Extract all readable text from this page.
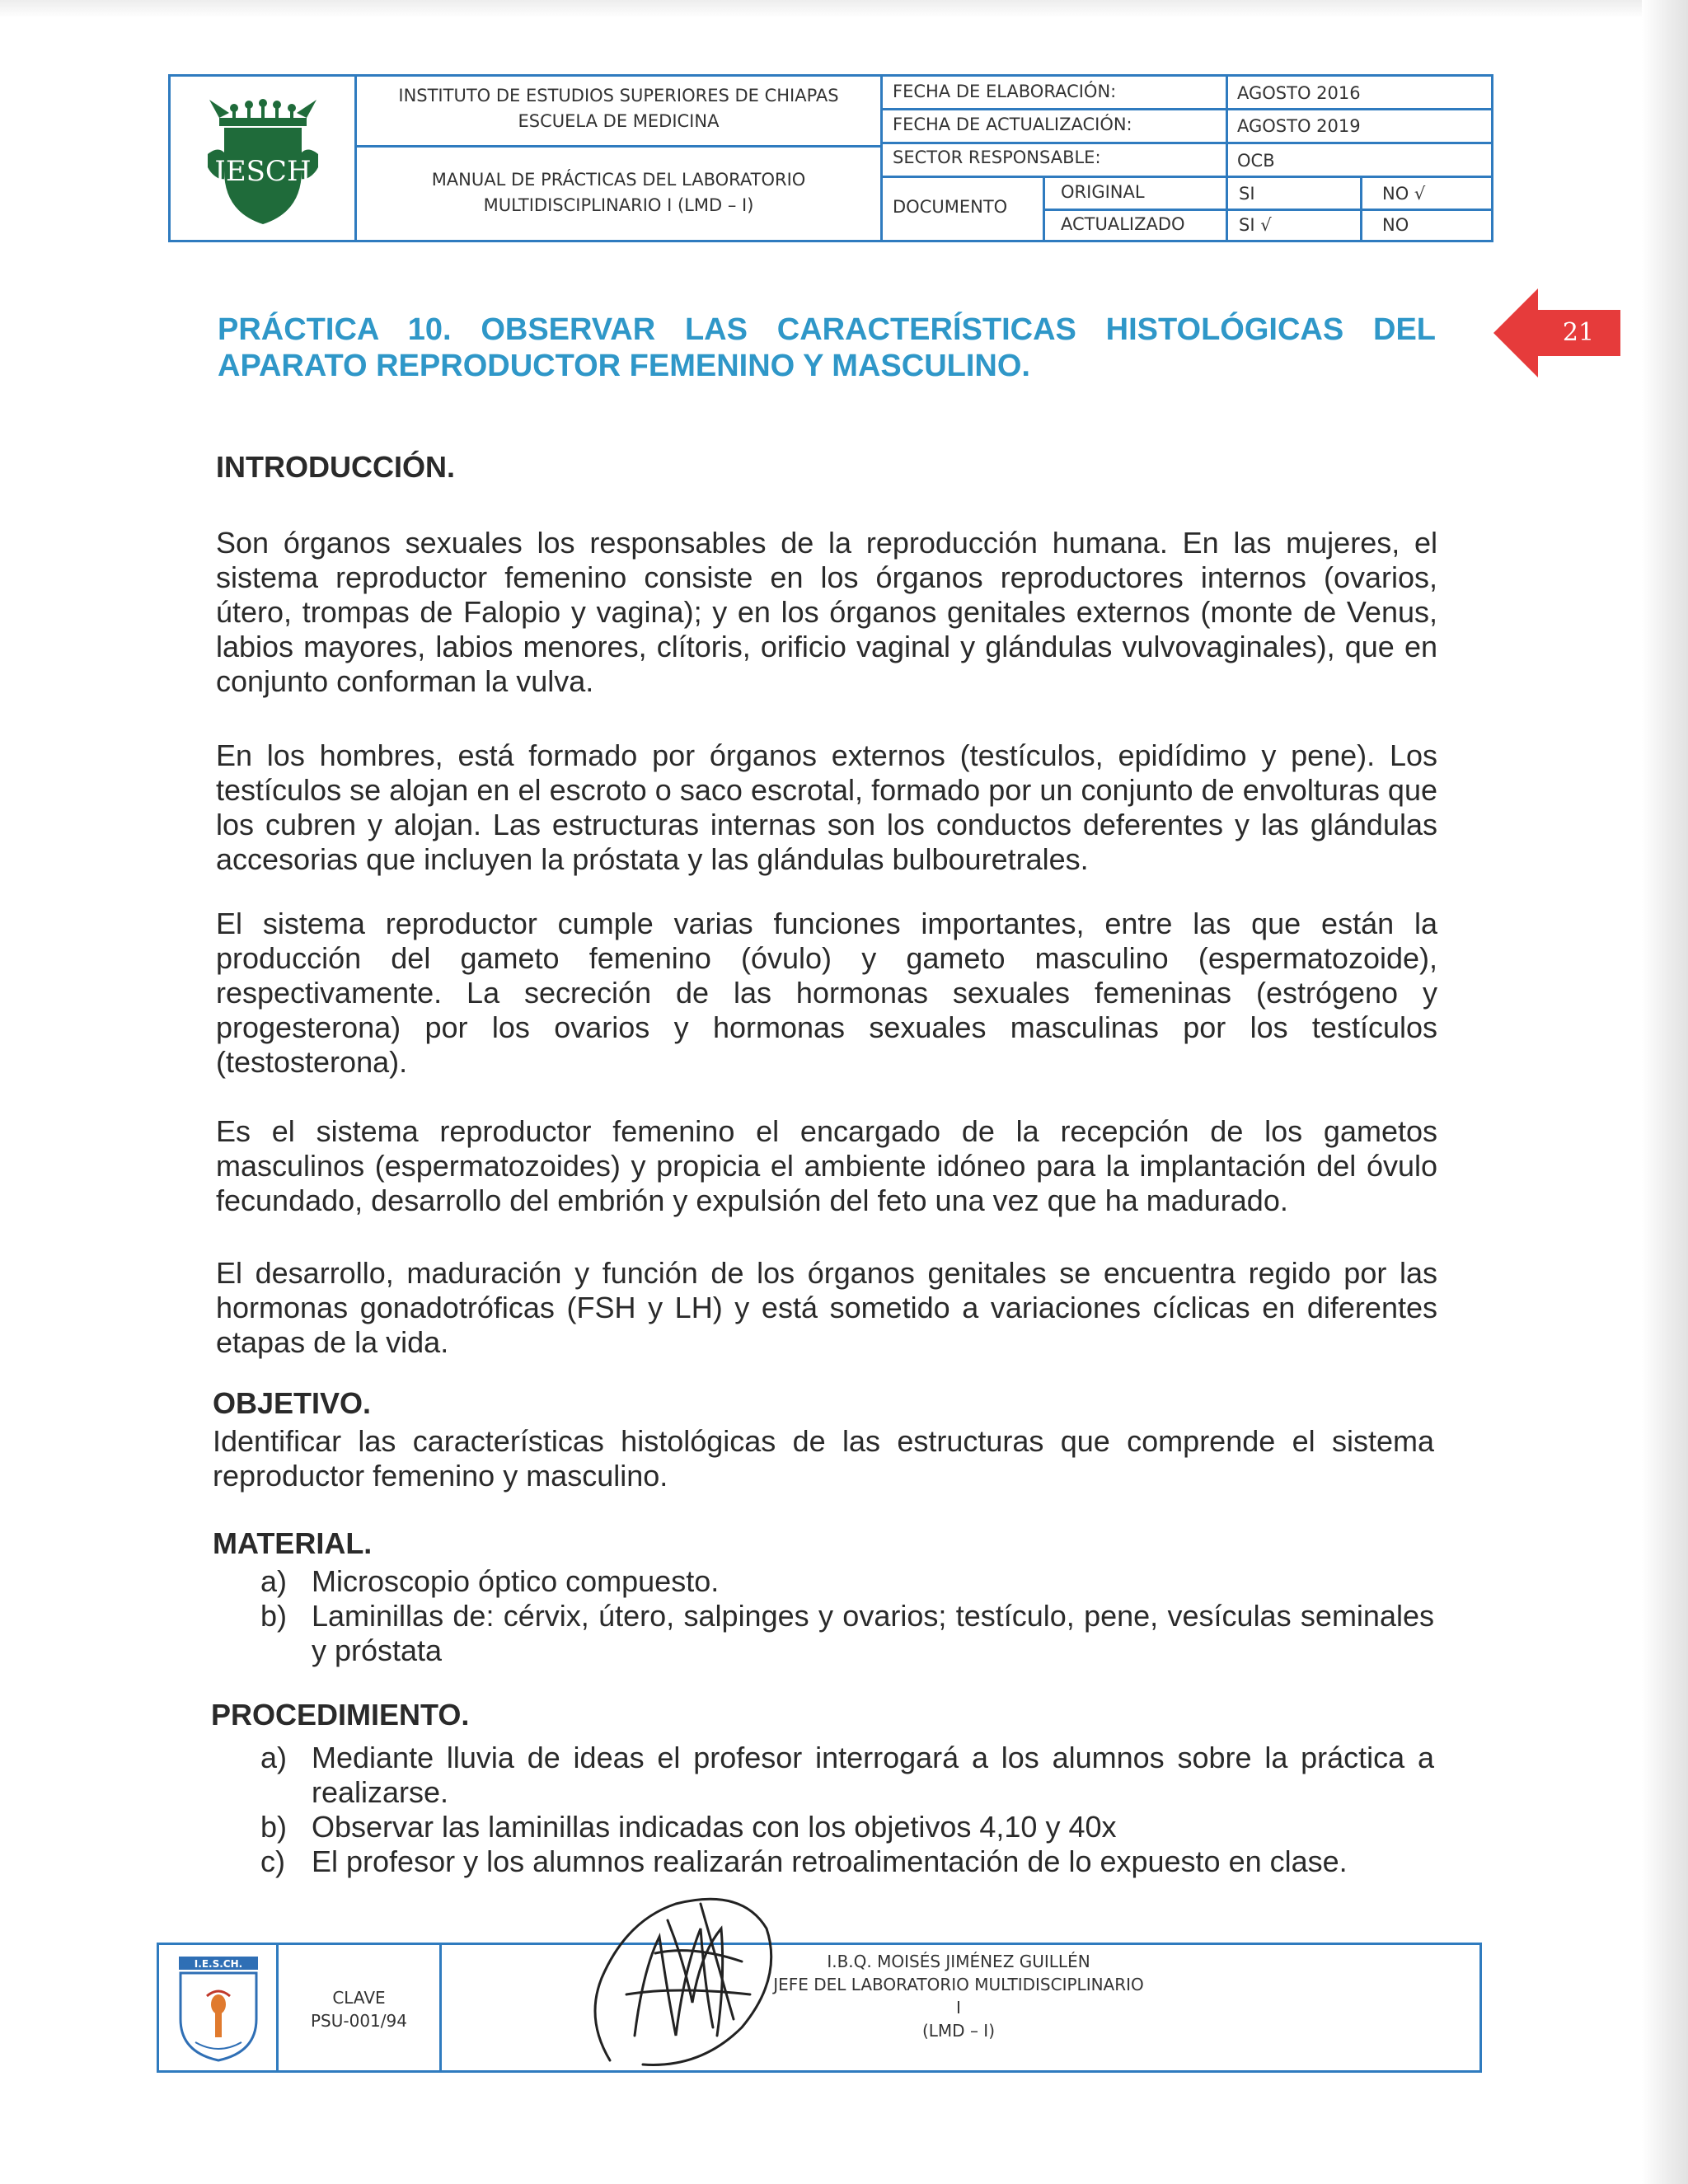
IESCH
INSTITUTO DE ESTUDIOS SUPERIORES DE CHIAPAS
ESCUELA DE MEDICINA
MANUAL DE PRÁCTICAS DEL LABORATORIO
MULTIDISCIPLINARIO I (LMD – I)
FECHA DE ELABORACIÓN:	AGOSTO 2016
FECHA DE ACTUALIZACIÓN:	AGOSTO 2019
SECTOR RESPONSABLE:	OCB
DOCUMENTO
ORIGINAL	SI	NO √
ACTUALIZADO	SI √	NO
21
PRÁCTICA 10. OBSERVAR LAS CARACTERÍSTICAS HISTOLÓGICAS DEL APARATO REPRODUCTOR FEMENINO Y MASCULINO.
INTRODUCCIÓN.
Son órganos sexuales los responsables de la reproducción humana. En las mujeres, el sistema reproductor femenino consiste en los órganos reproductores internos (ovarios, útero, trompas de Falopio y vagina); y en los órganos genitales externos (monte de Venus, labios mayores, labios menores, clítoris, orificio vaginal y glándulas vulvovaginales), que en conjunto conforman la vulva.
En los hombres, está formado por órganos externos (testículos, epidídimo y pene). Los testículos se alojan en el escroto o saco escrotal, formado por un conjunto de envolturas que los cubren y alojan. Las estructuras internas son los conductos deferentes y las glándulas accesorias que incluyen la próstata y las glándulas bulbouretrales.
El sistema reproductor cumple varias funciones importantes, entre las que están la producción del gameto femenino (óvulo) y gameto masculino (espermatozoide), respectivamente. La secreción de las hormonas sexuales femeninas (estrógeno y progesterona) por los ovarios y hormonas sexuales masculinas por los testículos (testosterona).
Es el sistema reproductor femenino el encargado de la recepción de los gametos masculinos (espermatozoides) y propicia el ambiente idóneo para la implantación del óvulo fecundado, desarrollo del embrión y expulsión del feto una vez que ha madurado.
El desarrollo, maduración y función de los órganos genitales se encuentra regido por las hormonas gonadotróficas (FSH y LH) y está sometido a variaciones cíclicas en diferentes etapas de la vida.
OBJETIVO.
Identificar las características histológicas de las estructuras que comprende el sistema reproductor femenino y masculino.
MATERIAL.
a) Microscopio óptico compuesto.
b) Laminillas de: cérvix, útero, salpinges y ovarios; testículo, pene, vesículas seminales y próstata
PROCEDIMIENTO.
a) Mediante lluvia de ideas el profesor interrogará a los alumnos sobre la práctica a realizarse.
b) Observar las laminillas indicadas con los objetivos 4,10 y 40x
c) El profesor y los alumnos realizarán retroalimentación de lo expuesto en clase.
I.E.S.CH.
CLAVE
PSU-001/94
I.B.Q. MOISÉS JIMÉNEZ GUILLÉN
JEFE DEL LABORATORIO MULTIDISCIPLINARIO I
(LMD – I)
